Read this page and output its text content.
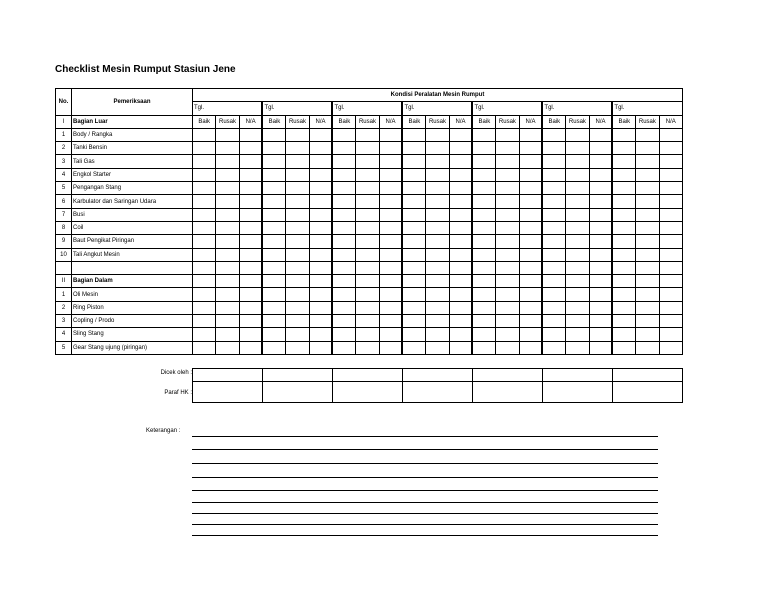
Checklist Mesin Rumput Stasiun Jene
No.	Pemeriksaan	Kondisi Peralatan Mesin Rumput																				
		Tgl.			Tgl.			Tgl.			Tgl.			Tgl.			Tgl.			Tgl.		
I	Bagian Luar	Baik	Rusak	N/A	Baik	Rusak	N/A	Baik	Rusak	N/A	Baik	Rusak	N/A	Baik	Rusak	N/A	Baik	Rusak	N/A	Baik	Rusak	N/A
1	Body / Rangka																					
2	Tanki Bensin																					
3	Tali Gas																					
4	Engkol Starter																					
5	Pengangan Stang																					
6	Karbulator dan Saringan Udara																					
7	Busi																					
8	Coil																					
9	Baut Pengikat Piringan																					
10	Tali Angkut Mesin																					

II	Bagian Dalam																					
1	Oli Mesin																					
2	Ring Piston																					
3	Copling / Prodo																					
4	Sling Stang																					
5	Gear Stang ujung (piringan)																					
Dicek oleh :
Paraf HK :

Keterangan :
